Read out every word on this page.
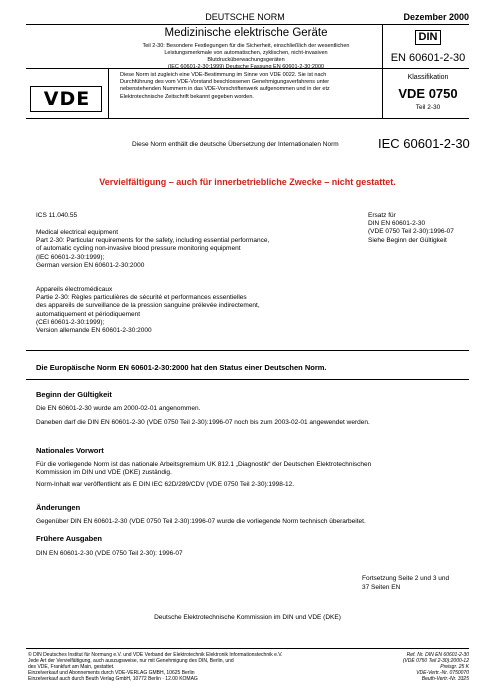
DEUTSCHE NORM	Dezember 2000
Medizinische elektrische Geräte
Teil 2-30: Besondere Festlegungen für die Sicherheit, einschließlich der wesentlichen
Leistungsmerkmale von automatischen, zyklischen, nicht-invasiven
Blutdrucküberwachungsgeräten
(IEC 60601-2-30:1999) Deutsche Fassung EN 60601-2-30:2000
DIN
EN 60601-2-30
VDE
Diese Norm ist zugleich eine VDE-Bestimmung im Sinne von VDE 0022. Sie ist nach
Durchführung des vom VDE-Vorstand beschlossenen Genehmigungsverfahrens unter
nebenstehenden Nummern in das VDE-Vorschriftenwerk aufgenommen und in der etz
Elektrotechnische Zeitschrift bekannt gegeben worden.
Klassifikation
VDE 0750
Teil 2-30
Diese Norm enthält die deutsche Übersetzung der Internationalen Norm	IEC 60601-2-30
Vervielfältigung – auch für innerbetriebliche Zwecke – nicht gestattet.
ICS 11.040.55	Ersatz für
DIN EN 60601-2-30
(VDE 0750 Teil 2-30):1996-07
Siehe Beginn der Gültigkeit
Medical electrical equipment
Part 2-30: Particular requirements for the safety, including essential performance,
of automatic cycling non-invasive blood pressure monitoring equipment
(IEC 60601-2-30:1999);
German version EN 60601-2-30:2000
Appareils électromédicaux
Partie 2-30: Règles particulières de sécurité et performances essentielles
des appareils de surveillance de la pression sanguine prélevée indirectement,
automatiquement et périodiquement
(CEI 60601-2-30:1999);
Version allemande EN 60601-2-30:2000
Die Europäische Norm EN 60601-2-30:2000 hat den Status einer Deutschen Norm.
Beginn der Gültigkeit
Die EN 60601-2-30 wurde am 2000-02-01 angenommen.
Daneben darf die DIN EN 60601-2-30 (VDE 0750 Teil 2-30):1996-07 noch bis zum 2003-02-01 angewendet werden.
Nationales Vorwort
Für die vorliegende Norm ist das nationale Arbeitsgremium UK 812.1 „Diagnostik“ der Deutschen Elektrotechnischen
Kommission im DIN und VDE (DKE) zuständig.
Norm-Inhalt war veröffentlicht als E DIN IEC 62D/289/CDV (VDE 0750 Teil 2-30):1998-12.
Änderungen
Gegenüber DIN EN 60601-2-30 (VDE 0750 Teil 2-30):1996-07 wurde die vorliegende Norm technisch überarbeitet.
Frühere Ausgaben
DIN EN 60601-2-30 (VDE 0750 Teil 2-30): 1996-07
Fortsetzung Seite 2 und 3 und
37 Seiten EN
Deutsche Elektrotechnische Kommission im DIN und VDE (DKE)
© DIN Deutsches Institut für Normung e.V. und VDE Verband der Elektrotechnik Elektronik Informationstechnik e.V.
Jede Art der Vervielfältigung, auch auszugsweise, nur mit Genehmigung des DIN, Berlin, und
des VDE, Frankfurt am Main, gestattet.
Einzelverkauf und Abonnements durch VDE-VERLAG GMBH, 10625 Berlin
Einzelverkauf auch durch Beuth Verlag GmbH, 10772 Berlin · 12.00 KOMAG
Ref. Nr. DIN EN 60601-2-30
(VDE 0750 Teil 2-30):2000-12
Preisgr. 25 K
VDE-Vertr.-Nr. 0750070
Beuth-Vertr.-Nr. 3325
